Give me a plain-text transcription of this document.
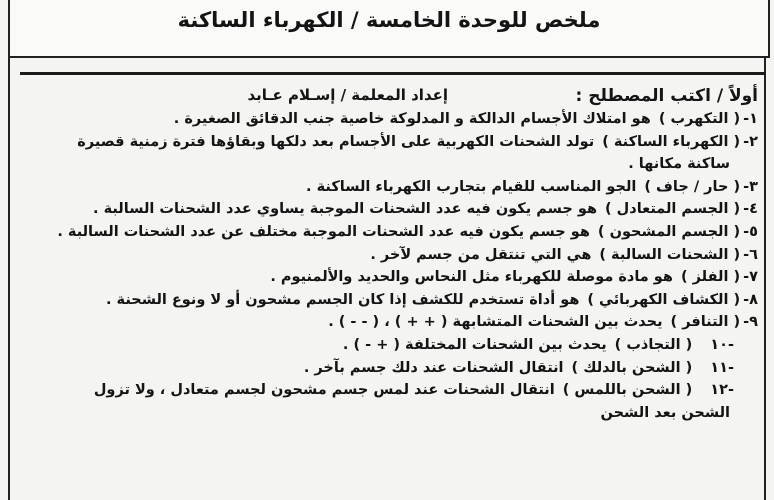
ملخص للوحدة الخامسة / الكهرباء الساكنة
أولاً / اكتب المصطلح :
إعداد المعلمة / إسـلام عـابد
١-( التكهرب )هو امتلاك الأجسام الدالكة و المدلوكة خاصية جنب الدقائق الصغيرة .
٢-( الكهرباء الساكنة )تولد الشحنات الكهربية على الأجسام بعد دلكها وبقاؤها فترة زمنية قصيرة
ساكنة مكانها .
٣-( حار / جاف )الجو المناسب للقيام بتجارب الكهرباء الساكنة .
٤-( الجسم المتعادل )هو جسم يكون فيه عدد الشحنات الموجبة يساوي عدد الشحنات السالبة .
٥-( الجسم المشحون )هو جسم يكون فيه عدد الشحنات الموجبة مختلف عن عدد الشحنات السالبة .
٦-( الشحنات السالبة )هي التي تنتقل من جسم لآخر .
٧-( الفلز )هو مادة موصلة للكهرباء مثل النحاس والحديد والألمنيوم .
٨-( الكشاف الكهربائي )هو أداة تستخدم للكشف إذا كان الجسم مشحون أو لا ونوع الشحنة .
٩-( التنافر )يحدث بين الشحنات المتشابهة ( + + ) ، ( - - ) .
-١٠( التجاذب )يحدث بين الشحنات المختلفة ( + - ) .
-١١( الشحن بالدلك )انتقال الشحنات عند دلك جسم بآخر .
-١٢( الشحن باللمس )انتقال الشحنات عند لمس جسم مشحون لجسم متعادل ، ولا تزول
الشحن بعد الشحن
